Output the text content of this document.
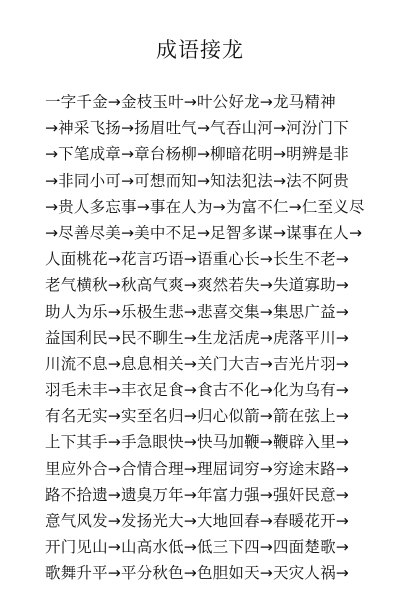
成语接龙
一字千金→金枝玉叶→叶公好龙→龙马精神
→神采飞扬→扬眉吐气→气吞山河→河汾门下
→下笔成章→章台杨柳→柳暗花明→明辨是非
→非同小可→可想而知→知法犯法→法不阿贵
→贵人多忘事→事在人为→为富不仁→仁至义尽
→尽善尽美→美中不足→足智多谋→谋事在人→
人面桃花→花言巧语→语重心长→长生不老→
老气横秋→秋高气爽→爽然若失→失道寡助→
助人为乐→乐极生悲→悲喜交集→集思广益→
益国利民→民不聊生→生龙活虎→虎落平川→
川流不息→息息相关→关门大吉→吉光片羽→
羽毛未丰→丰衣足食→食古不化→化为乌有→
有名无实→实至名归→归心似箭→箭在弦上→
上下其手→手急眼快→快马加鞭→鞭辟入里→
里应外合→合情合理→理屈词穷→穷途末路→
路不拾遗→遗臭万年→年富力强→强奸民意→
意气风发→发扬光大→大地回春→春暖花开→
开门见山→山高水低→低三下四→四面楚歌→
歌舞升平→平分秋色→色胆如天→天灾人祸→
